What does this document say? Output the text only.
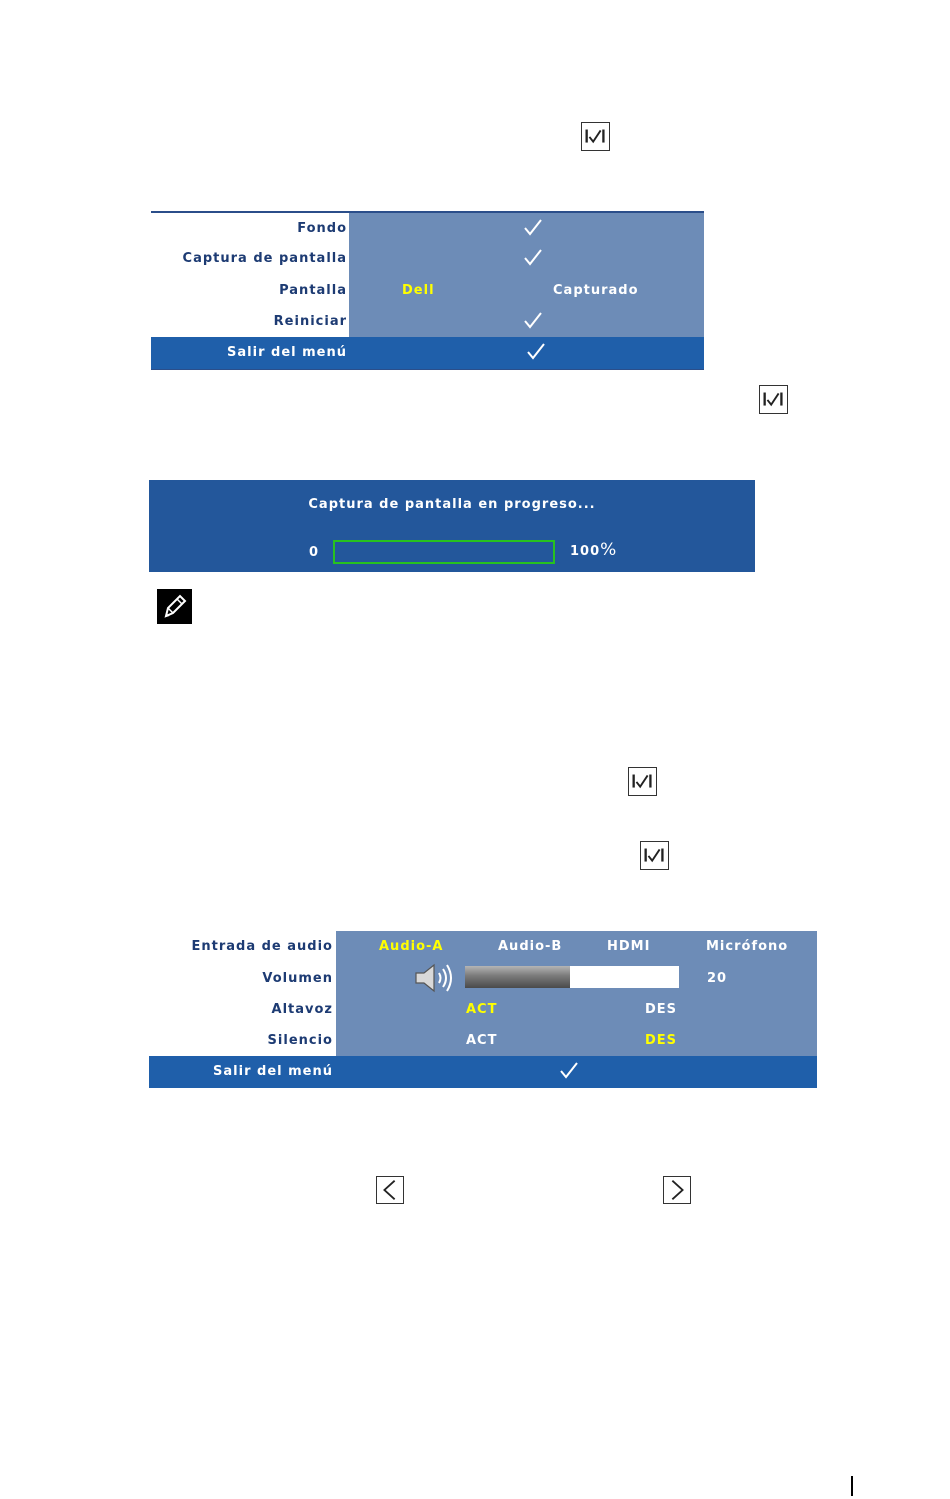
Fondo
Captura de pantalla
Pantalla	Dell	Capturado
Reiniciar
Salir del menú
Captura de pantalla en progreso...
0	100%
Entrada de audio	Audio-A	Audio-B	HDMI	Micrófono
Volumen	20
Altavoz	ACT	DES
Silencio	ACT	DES
Salir del menú
